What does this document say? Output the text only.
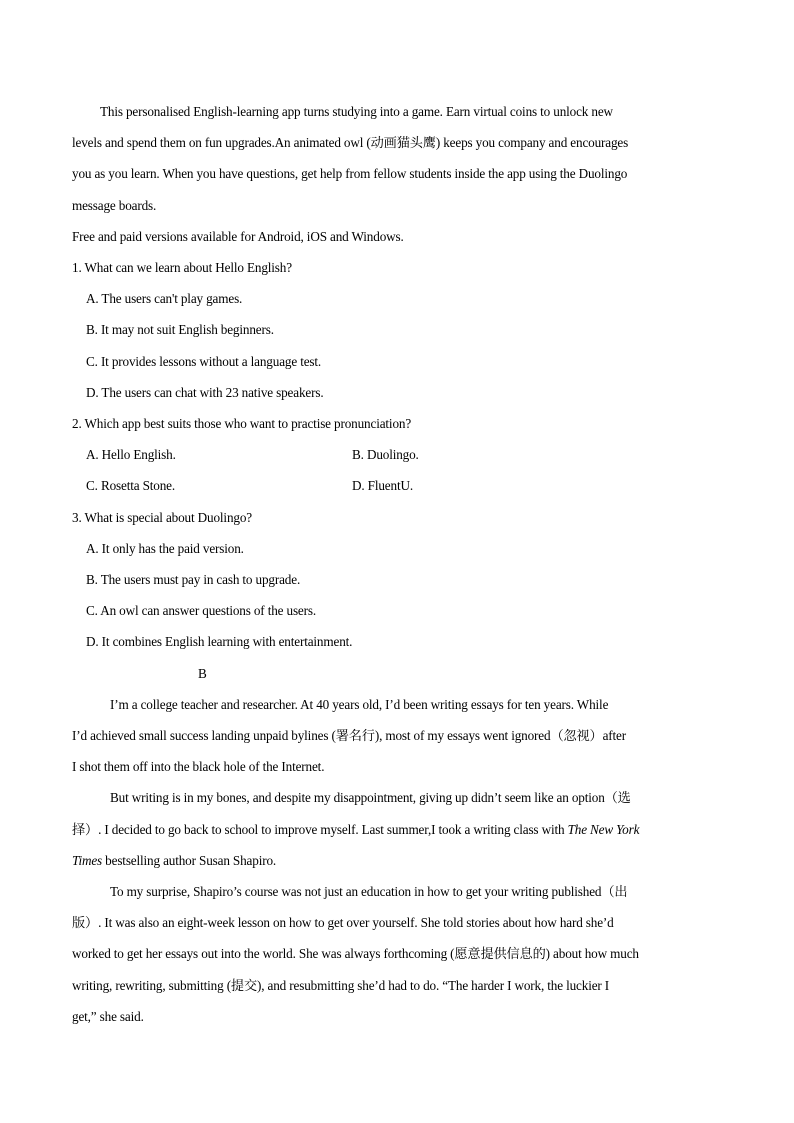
This personalised English-learning app turns studying into a game. Earn virtual coins to unlock new
levels and spend them on fun upgrades.An animated owl (动画猫头鹰) keeps you company and encourages
you as you learn. When you have questions, get help from fellow students inside the app using the Duolingo
message boards.
Free and paid versions available for Android, iOS and Windows.
1. What can we learn about Hello English?
A. The users can't play games.
B. It may not suit English beginners.
C. It provides lessons without a language test.
D. The users can chat with 23 native speakers.
2. Which app best suits those who want to practise pronunciation?
A. Hello English.	B. Duolingo.
C. Rosetta Stone.	D. FluentU.
3. What is special about Duolingo?
A. It only has the paid version.
B. The users must pay in cash to upgrade.
C. An owl can answer questions of the users.
D. It combines English learning with entertainment.
B
I’m a college teacher and researcher. At 40 years old, I’d been writing essays for ten years. While
I’d achieved small success landing unpaid bylines (署名行), most of my essays went ignored（忽视）after
I shot them off into the black hole of the Internet.
But writing is in my bones, and despite my disappointment, giving up didn’t seem like an option（选
择）. I decided to go back to school to improve myself. Last summer,I took a writing class with The New York
Times bestselling author Susan Shapiro.
To my surprise, Shapiro’s course was not just an education in how to get your writing published（出
版）. It was also an eight-week lesson on how to get over yourself. She told stories about how hard she’d
worked to get her essays out into the world. She was always forthcoming (愿意提供信息的) about how much
writing, rewriting, submitting (提交), and resubmitting she’d had to do. “The harder I work, the luckier I
get,” she said.
